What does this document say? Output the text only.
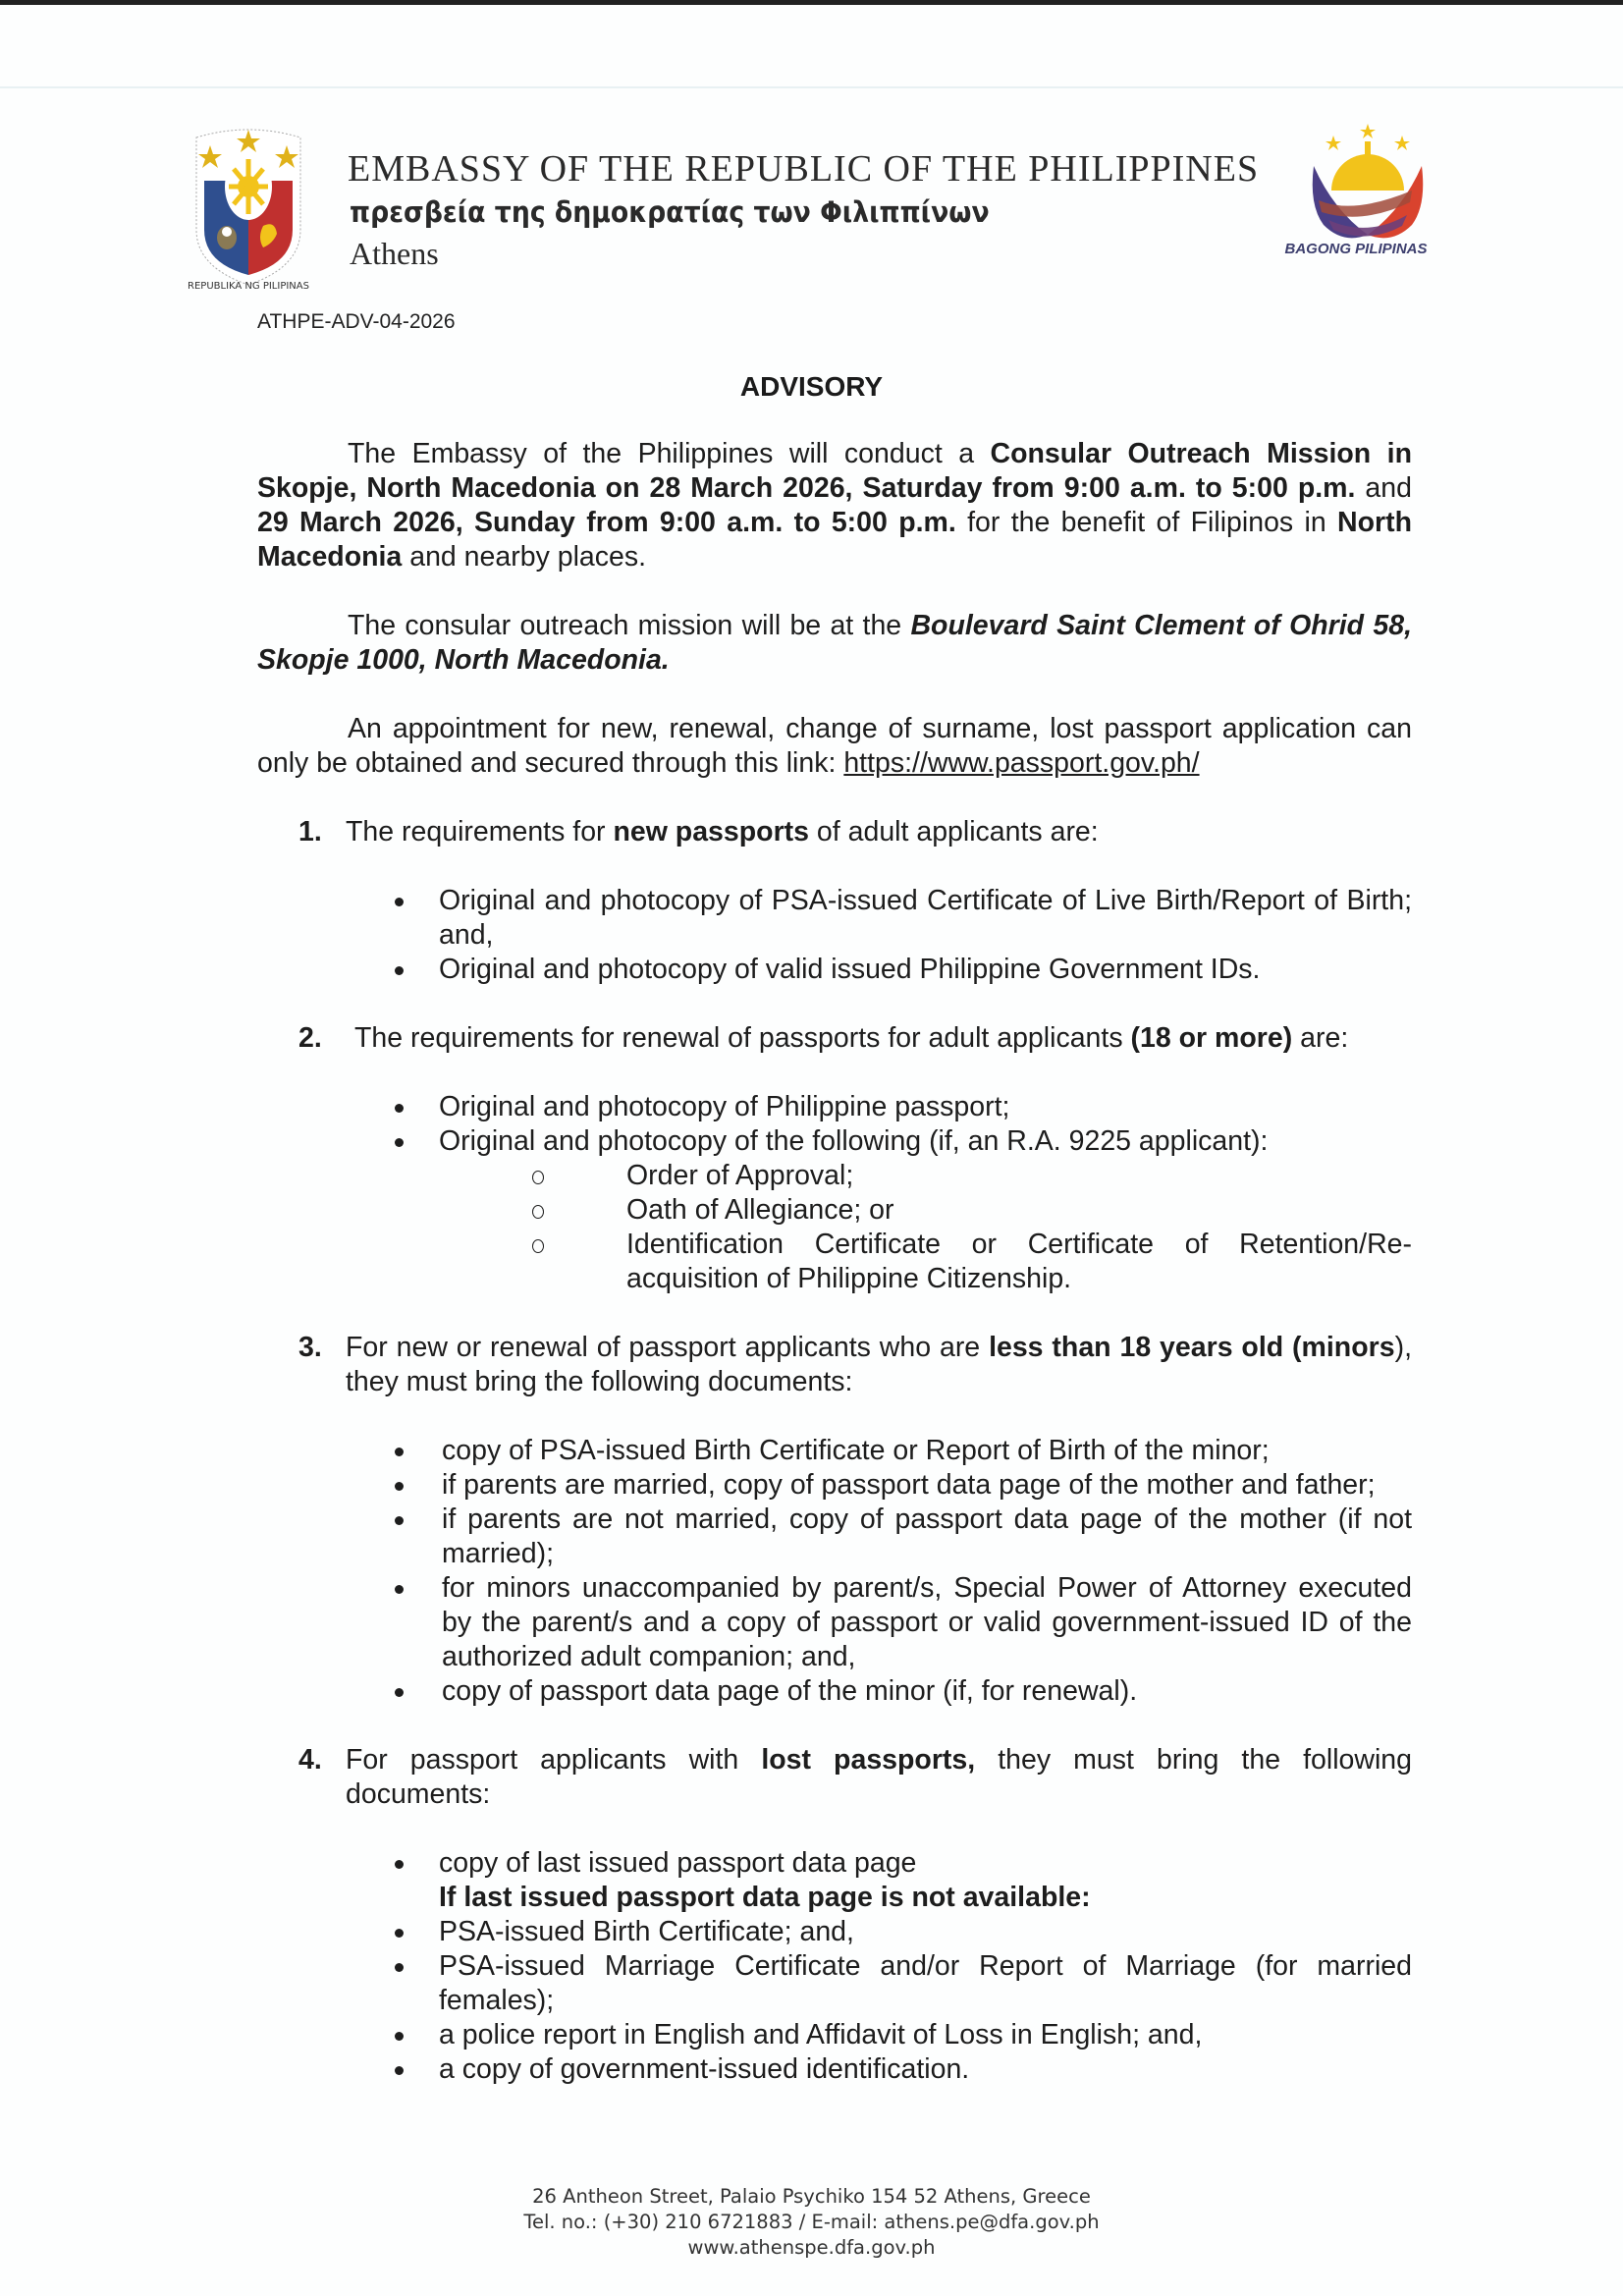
REPUBLIKA NG PILIPINAS
EMBASSY OF THE REPUBLIC OF THE PHILIPPINES
πρεσβεία της δημοκρατίας των Φιλιππίνων
Athens	BAGONG PILIPINAS
ATHPE-ADV-04-2026
ADVISORY

The Embassy of the Philippines will conduct a Consular Outreach Mission in Skopje, North Macedonia on 28 March 2026, Saturday from 9:00 a.m. to 5:00 p.m. and 29 March 2026, Sunday from 9:00 a.m. to 5:00 p.m. for the benefit of Filipinos in North Macedonia and nearby places.

The consular outreach mission will be at the Boulevard Saint Clement of Ohrid 58, Skopje 1000, North Macedonia.

An appointment for new, renewal, change of surname, lost passport application can only be obtained and secured through this link: https://www.passport.gov.ph/

1. The requirements for new passports of adult applicants are:
Original and photocopy of PSA-issued Certificate of Live Birth/Report of Birth; and,
Original and photocopy of valid issued Philippine Government IDs.
2. The requirements for renewal of passports for adult applicants (18 or more) are:
Original and photocopy of Philippine passport;
Original and photocopy of the following (if, an R.A. 9225 applicant):
Order of Approval;
Oath of Allegiance; or
Identification Certificate or Certificate of Retention/Re-acquisition of Philippine Citizenship.
3. For new or renewal of passport applicants who are less than 18 years old (minors), they must bring the following documents:
copy of PSA-issued Birth Certificate or Report of Birth of the minor;
if parents are married, copy of passport data page of the mother and father;
if parents are not married, copy of passport data page of the mother (if not married);
for minors unaccompanied by parent/s, Special Power of Attorney executed by the parent/s and a copy of passport or valid government-issued ID of the authorized adult companion; and,
copy of passport data page of the minor (if, for renewal).
4. For passport applicants with lost passports, they must bring the following documents:
copy of last issued passport data page
If last issued passport data page is not available:
PSA-issued Birth Certificate; and,
PSA-issued Marriage Certificate and/or Report of Marriage (for married females);
a police report in English and Affidavit of Loss in English; and,
a copy of government-issued identification.
26 Antheon Street, Palaio Psychiko 154 52 Athens, Greece
Tel. no.: (+30) 210 6721883 / E-mail: athens.pe@dfa.gov.ph
www.athenspe.dfa.gov.ph
